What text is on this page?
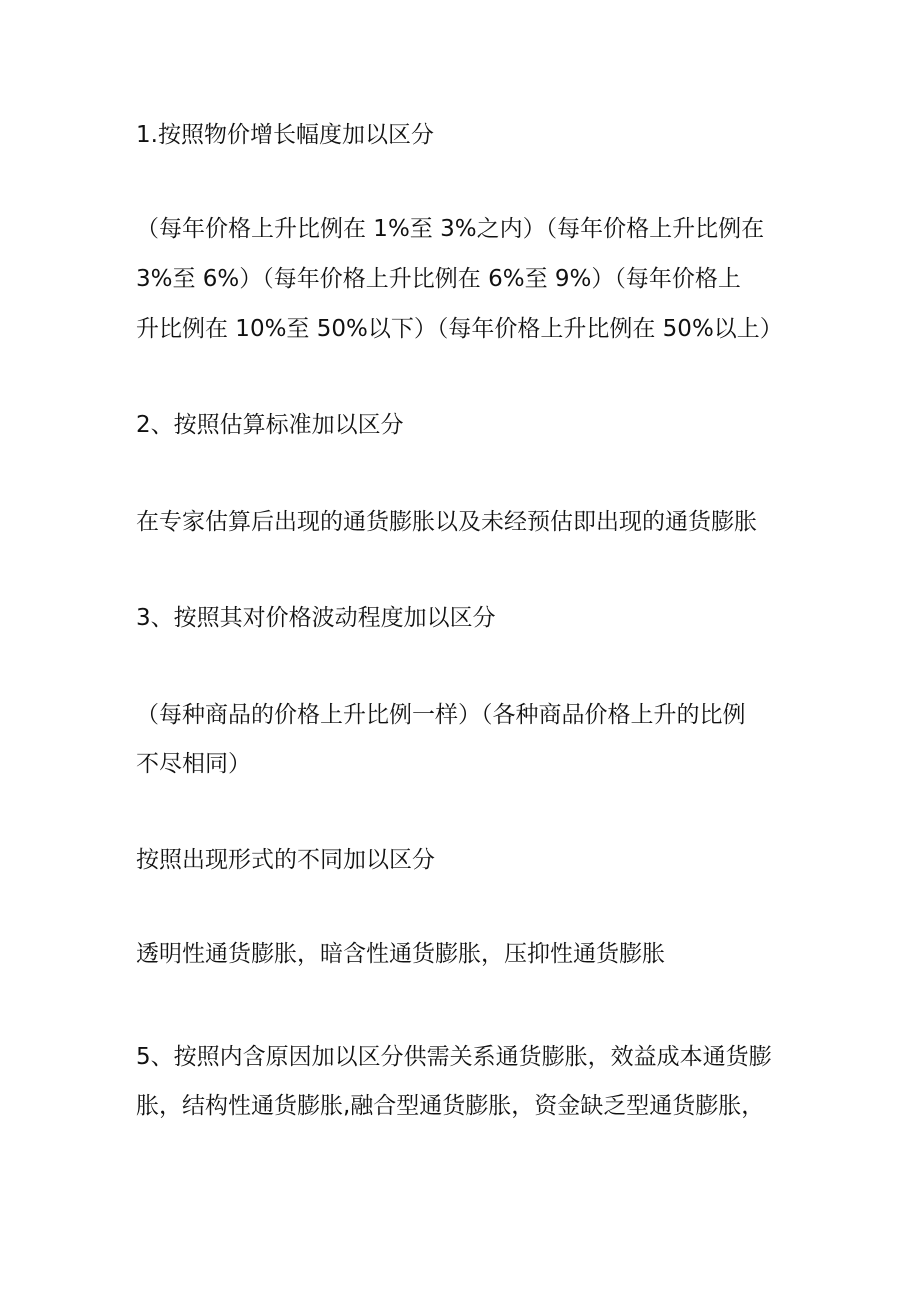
1.按照物价增长幅度加以区分

（每年价格上升比例在 1%至 3%之内）（每年价格上升比例在

3%至 6%）（每年价格上升比例在 6%至 9%）（每年价格上

升比例在 10%至 50%以下）（每年价格上升比例在 50%以上）

2、按照估算标准加以区分

在专家估算后出现的通货膨胀以及未经预估即出现的通货膨胀

3、按照其对价格波动程度加以区分

（每种商品的价格上升比例一样）（各种商品价格上升的比例

不尽相同）

按照出现形式的不同加以区分

透明性通货膨胀，暗含性通货膨胀，压抑性通货膨胀

5、按照内含原因加以区分供需关系通货膨胀，效益成本通货膨

胀，结构性通货膨胀,融合型通货膨胀，资金缺乏型通货膨胀，
